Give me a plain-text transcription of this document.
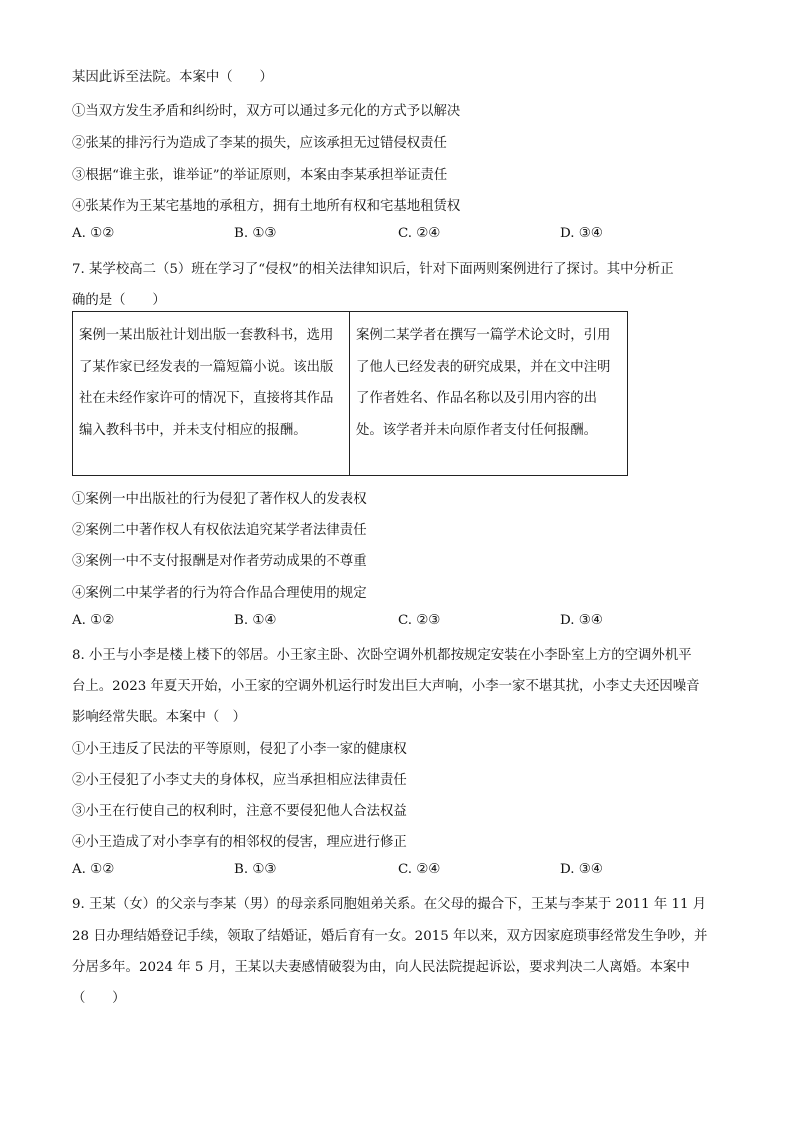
某因此诉至法院。本案中（　　）
①当双方发生矛盾和纠纷时，双方可以通过多元化的方式予以解决
②张某的排污行为造成了李某的损失，应该承担无过错侵权责任
③根据“谁主张，谁举证”的举证原则，本案由李某承担举证责任
④张某作为王某宅基地的承租方，拥有土地所有权和宅基地租赁权
A. ①②	B. ①③	C. ②④	D. ③④
7. 某学校高二（5）班在学习了“侵权”的相关法律知识后，针对下面两则案例进行了探讨。其中分析正
确的是（　　）
案例一某出版社计划出版一套教科书，选用了某作家已经发表的一篇短篇小说。该出版社在未经作家许可的情况下，直接将其作品编入教科书中，并未支付相应的报酬。
案例二某学者在撰写一篇学术论文时，引用了他人已经发表的研究成果，并在文中注明了作者姓名、作品名称以及引用内容的出处。该学者并未向原作者支付任何报酬。
①案例一中出版社的行为侵犯了著作权人的发表权
②案例二中著作权人有权依法追究某学者法律责任
③案例一中不支付报酬是对作者劳动成果的不尊重
④案例二中某学者的行为符合作品合理使用的规定
A. ①②	B. ①④	C. ②③	D. ③④
8. 小王与小李是楼上楼下的邻居。小王家主卧、次卧空调外机都按规定安装在小李卧室上方的空调外机平
台上。2023 年夏天开始，小王家的空调外机运行时发出巨大声响，小李一家不堪其扰，小李丈夫还因噪音
影响经常失眠。本案中（　）
①小王违反了民法的平等原则，侵犯了小李一家的健康权
②小王侵犯了小李丈夫的身体权，应当承担相应法律责任
③小王在行使自己的权利时，注意不要侵犯他人合法权益
④小王造成了对小李享有的相邻权的侵害，理应进行修正
A. ①②	B. ①③	C. ②④	D. ③④
9. 王某（女）的父亲与李某（男）的母亲系同胞姐弟关系。在父母的撮合下，王某与李某于 2011 年 11 月
28 日办理结婚登记手续，领取了结婚证，婚后育有一女。2015 年以来，双方因家庭琐事经常发生争吵，并
分居多年。2024 年 5 月，王某以夫妻感情破裂为由，向人民法院提起诉讼，要求判决二人离婚。本案中
（　　）
